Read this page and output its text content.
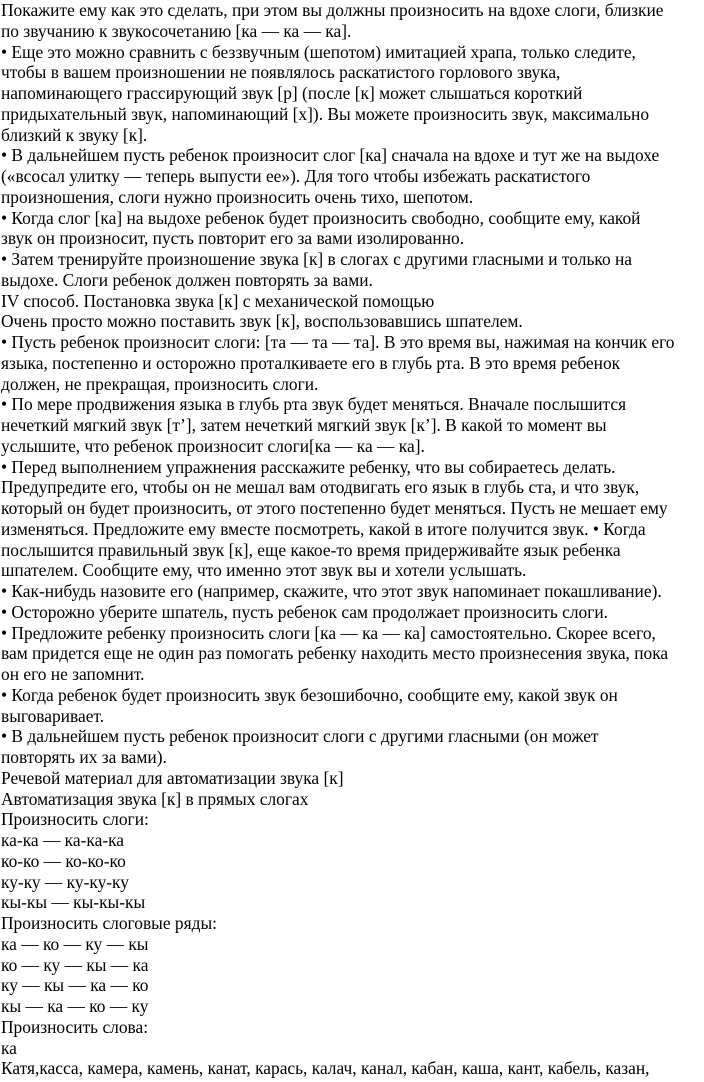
Покажите ему как это сделать, при этом вы должны произносить на вдохе слоги, близкие

по звучанию к звукосочетанию [ка — ка — ка].

• Еще это можно сравнить с беззвучным (шепотом) имитацией храпа, только следите,

чтобы в вашем произношении не появлялось раскатистого горлового звука,

напоминающего грассирующий звук [р] (после [к] может слышаться короткий

придыхательный звук, напоминающий [х]). Вы можете произносить звук, максимально

близкий к звуку [к].

• В дальнейшем пусть ребенок произносит слог [ка] сначала на вдохе и тут же на выдохе

(«всосал улитку — теперь выпусти ее»). Для того чтобы избежать раскатистого

произношения, слоги нужно произносить очень тихо, шепотом.

• Когда слог [ка] на выдохе ребенок будет произносить свободно, сообщите ему, какой

звук он произносит, пусть повторит его за вами изолированно.

• Затем тренируйте произношение звука [к] в слогах с другими гласными и только на

выдохе. Слоги ребенок должен повторять за вами.

IV способ. Постановка звука [к] с механической помощью

Очень просто можно поставить звук [к], воспользовавшись шпателем.

• Пусть ребенок произносит слоги: [та — та — та]. В это время вы, нажимая на кончик его

языка, постепенно и осторожно проталкиваете его в глубь рта. В это время ребенок

должен, не прекращая, произносить слоги.

• По мере продвижения языка в глубь рта звук будет меняться. Вначале послышится

нечеткий мягкий звук [т’], затем нечеткий мягкий звук [к’]. В какой то момент вы

услышите, что ребенок произносит слоги[ка — ка — ка].

• Перед выполнением упражнения расскажите ребенку, что вы собираетесь делать.

Предупредите его, чтобы он не мешал вам отодвигать его язык в глубь ста, и что звук,

который он будет произносить, от этого постепенно будет меняться. Пусть не мешает ему

изменяться. Предложите ему вместе посмотреть, какой в итоге получится звук. • Когда

послышится правильный звук [к], еще какое-то время придерживайте язык ребенка

шпателем. Сообщите ему, что именно этот звук вы и хотели услышать.

• Как-нибудь назовите его (например, скажите, что этот звук напоминает покашливание).

• Осторожно уберите шпатель, пусть ребенок сам продолжает произносить слоги.

• Предложите ребенку произносить слоги [ка — ка — ка] самостоятельно. Скорее всего,

вам придется еще не один раз помогать ребенку находить место произнесения звука, пока

он его не запомнит.

• Когда ребенок будет произносить звук безошибочно, сообщите ему, какой звук он

выговаривает.

• В дальнейшем пусть ребенок произносит слоги с другими гласными (он может

повторять их за вами).

Речевой материал для автоматизации звука [к]

Автоматизация звука [к] в прямых слогах

Произносить слоги:

ка-ка — ка-ка-ка

ко-ко — ко-ко-ко

ку-ку — ку-ку-ку

кы-кы — кы-кы-кы

Произносить слоговые ряды:

ка — ко — ку — кы

ко — ку — кы — ка

ку — кы — ка — ко

кы — ка — ко — ку

Произносить слова:

ка

Катя,касса, камера, камень, канат, карась, калач, канал, кабан, каша, кант, кабель, казан,
